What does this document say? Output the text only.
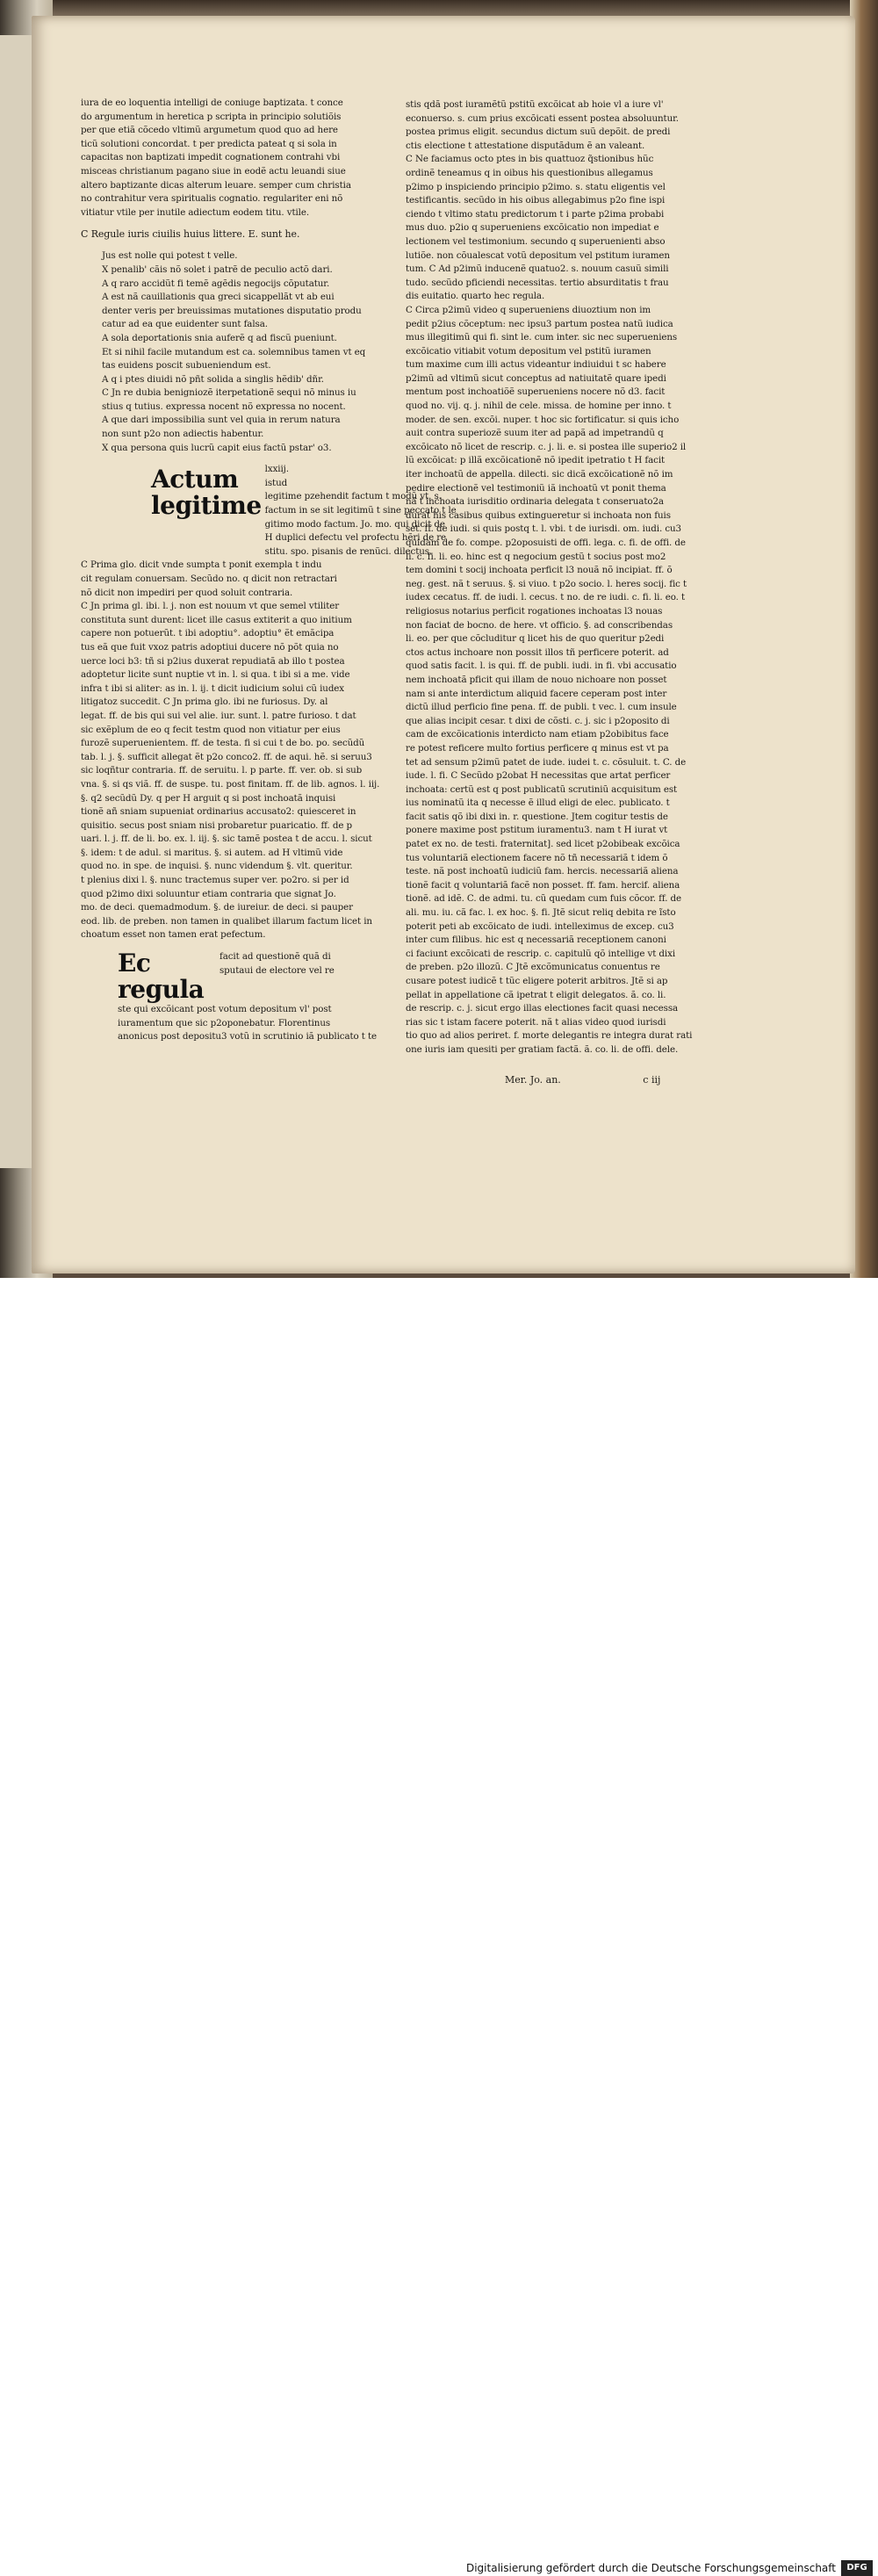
iura de eo loquentia intelligi de coniuge baptizata. t conce
do argumentum in heretica p scripta in principio solutiõis
per que etiã cõcedo vltimũ argumetum quod quo ad here
ticũ solutioni concordat. t per predicta pateat q si sola in
capacitas non baptizati impedit cognationem contrahi vbi
misceas christianum pagano siue in eodẽ actu leuandi siue
altero baptizante dicas alterum leuare. semper cum christia
no contrahitur vera spiritualis cognatio. regulariter eni nõ
vitiatur vtile per inutile adiectum eodem titu. vtile.
C Regule iuris ciuilis huius littere. E. sunt he.
Jus est nolle qui potest t velle.
X penalib' cãis nõ solet i patrẽ de peculio actõ dari.
A q raro accidũt fi temẽ agẽdis negocijs cõputatur.
A est nã cauillationis qua greci sicappellãt vt ab eui
denter veris per breuissimas mutationes disputatio produ
catur ad ea que euidenter sunt falsa.
A sola deportationis snia auferẽ q ad fiscũ pueniunt.
Et si nihil facile mutandum est ca. solemnibus tamen vt eq
tas euidens poscit subueniendum est.
A q i ptes diuidi nõ pñt solida a singlis hẽdib' dñr.
C Jn re dubia benigniozẽ iterpetationẽ sequi nõ minus iu
stius q tutius. expressa nocent nõ expressa no nocent.
A que dari impossibilia sunt vel quia in rerum natura
non sunt p2o non adiectis habentur.
X qua persona quis lucrũ capit eius factũ pstar' o3.
Actum legitime
lxxiij.
istud
legitime pzehendit factum t modũ vt. s.
factum in se sit legitimũ t sine peccato t le
gitimo modo factum. Jo. mo. qui dicit de
H duplici defectu vel profectu hẽri de re
stitu. spo. pisanis de renũci. dilectus.
C Prima glo. dicit vnde sumpta t ponit exempla t indu
cit regulam conuersam. Secũdo no. q dicit non retractari
nõ dicit non impediri per quod soluit contraria.
C Jn prima gl. ibi. l. j. non est nouum vt que semel vtiliter
constituta sunt durent: licet ille casus extiterit a quo initium
capere non potuerũt. t ibi adoptiu°. adoptiu° ẽt emãcipa
tus eã que fuit vxoz patris adoptiui ducere nõ põt quia no
uerce loci b3: tñ si p2ius duxerat repudiatã ab illo t postea
adoptetur licite sunt nuptie vt in. l. si qua. t ibi si a me. vide
infra t ibi si aliter: as in. l. ij. t dicit iudicium solui cũ iudex
litigatoz succedit. C Jn prima glo. ibi ne furiosus. Dy. al
legat. ff. de bis qui sui vel alie. iur. sunt. l. patre furioso. t dat
sic exẽplum de eo q fecit testm quod non vitiatur per eius
furozẽ superuenientem. ff. de testa. fi si cui t de bo. po. secũdũ
tab. l. j. §. sufficit allegat ẽt p2o conco2. ff. de aqui. hẽ. si seruu3
sic loqñtur contraria. ff. de seruitu. l. p parte. ff. ver. ob. si sub
vna. §. si qs viã. ff. de suspe. tu. post finitam. ff. de lib. agnos. l. iij.
§. q2 secũdũ Dy. q per H arguit q si post inchoatã inquisi
tionẽ añ sniam supueniat ordinarius accusato2: quiesceret in
quisitio. secus post sniam nisi probaretur puaricatio. ff. de p
uari. l. j. ff. de li. bo. ex. l. iij. §. sic tamẽ postea t de accu. l. sicut
§. idem: t de adul. si maritus. §. si autem. ad H vltimũ vide
quod no. in spe. de inquisi. §. nunc videndum §. vlt. queritur.
t plenius dixi l. §. nunc tractemus super ver. po2ro. si per id
quod p2imo dixi soluuntur etiam contraria que signat Jo.
mo. de deci. quemadmodum. §. de iureiur. de deci. si pauper
eod. lib. de preben. non tamen in qualibet illarum factum licet in
choatum esset non tamen erat pefectum.
Ec regula
facit ad questionẽ quã di
sputaui de electore vel re
ste qui excõicant post votum depositum vl' post
iuramentum que sic p2oponebatur. Florentinus
anonicus post depositu3 votũ in scrutinio iã publicato t te
stis qdã post iuramẽtũ pstitũ excõicat ab hoie vl a iure vl'
econuerso. s. cum prius excõicati essent postea absoluuntur.
postea primus eligit. secundus dictum suũ depõit. de predi
ctis electione t attestatione disputãdum ẽ an valeant.
C Ne faciamus octo ptes in bis quattuoz q̃stionibus hũc
ordinẽ teneamus q in oibus his questionibus allegamus
p2imo p inspiciendo principio p2imo. s. statu eligentis vel
testificantis. secũdo in his oibus allegabimus p2o fine ispi
ciendo t vltimo statu predictorum t i parte p2ima probabi
mus duo. p2io q superueniens excõicatio non impediat e
lectionem vel testimonium. secundo q superuenienti abso
lutiõe. non cõualescat votũ depositum vel pstitum iuramen
tum. C Ad p2imũ inducenẽ quatuo2. s. nouum casuũ simili
tudo. secũdo pficiendi necessitas. tertio absurditatis t frau
dis euitatio. quarto hec regula.
C Circa p2imũ video q superueniens diuoztium non im
pedit p2ius cõceptum: nec ipsu3 partum postea natũ iudica
mus illegitimũ qui fi. sint le. cum inter. sic nec superueniens
excõicatio vitiabit votum depositum vel pstitũ iuramen
tum maxime cum illi actus videantur indiuidui t sc habere
p2imũ ad vltimũ sicut conceptus ad natiuitatẽ quare ipedi
mentum post inchoatiõẽ superueniens nocere nõ d3. facit
quod no. vij. q. j. nihil de cele. missa. de homine per inno. t
moder. de sen. excõi. nuper. t hoc sic fortificatur. si quis icho
auit contra superiozẽ suum iter ad papã ad impetrandũ q
excõicato nõ licet de rescrip. c. j. li. e. si postea ille superio2 il
lũ excõicat: p illã excõicationẽ nõ ipedit ipetratio t H facit
iter inchoatũ de appella. dilecti. sic dicã excõicationẽ nõ im
pedire electionẽ vel testimoniũ iã inchoatũ vt ponit thema
nã t inchoata iurisditio ordinaria delegata t conseruato2a
durat his casibus quibus extingueretur si inchoata non fuis
set. ff. de iudi. si quis postq t. l. vbi. t de iurisdi. om. iudi. cu3
quidam de fo. compe. p2oposuisti de offi. lega. c. fi. de offi. de
li. c. fi. li. eo. hinc est q negocium gestũ t socius post mo2
tem domini t socij inchoata perficit l3 nouã nõ incipiat. ff. õ
neg. gest. nã t seruus. §. si viuo. t p2o socio. l. heres socij. fic t
iudex cecatus. ff. de iudi. l. cecus. t no. de re iudi. c. fi. li. eo. t
religiosus notarius perficit rogationes inchoatas l3 nouas
non faciat de bocno. de here. vt officio. §. ad conscribendas
li. eo. per que cõcluditur q licet his de quo queritur p2edi
ctos actus inchoare non possit illos tñ perficere poterit. ad
quod satis facit. l. is qui. ff. de publi. iudi. in fi. vbi accusatio
nem inchoatã pficit qui illam de nouo nichoare non posset
nam si ante interdictum aliquid facere ceperam post inter
dictũ illud perficio fine pena. ff. de publi. t vec. l. cum insule
que alias incipit cesar. t dixi de cõsti. c. j. sic i p2oposito di
cam de excõicationis interdicto nam etiam p2obibitus face
re potest reficere multo fortius perficere q minus est vt pa
tet ad sensum p2imũ patet de iude. iudei t. c. cõsuluit. t. C. de
iude. l. fi. C Secũdo p2obat H necessitas que artat perficer
inchoata: certũ est q post publicatũ scrutiniũ acquisitum est
ius nominatũ ita q necesse ẽ illud eligi de elec. publicato. t
facit satis qõ ibi dixi in. r. questione. Jtem cogitur testis de
ponere maxime post pstitum iuramentu3. nam t H iurat vt
patet ex no. de testi. fraternitat]. sed licet p2obibeak excõica
tus voluntariã electionem facere nõ tñ necessariã t idem õ
teste. nã post inchoatũ iudiciũ fam. hercis. necessariã aliena
tionẽ facit q voluntariã facẽ non posset. ff. fam. hercif. aliena
tionẽ. ad idẽ. C. de admi. tu. cũ quedam cum fuis cõcor. ff. de
ali. mu. iu. cã fac. l. ex hoc. §. fi. Jtẽ sicut reliq debita re ĩsto
poterit peti ab excõicato de iudi. intelleximus de excep. cu3
inter cum filibus. hic est q necessariã receptionem canoni
ci faciunt excõicati de rescrip. c. capitulũ qõ intellige vt dixi
de preben. p2o illozũ. C Jtẽ excõmunicatus conuentus re
cusare potest iudicẽ t tũc eligere poterit arbitros. Jtẽ si ap
pellat in appellatione cã ipetrat t eligit delegatos. ã. co. li.
de rescrip. c. j. sicut ergo illas electiones facit quasi necessa
rias sic t istam facere poterit. nã t alias video quod iurisdi
tio quo ad alios periret. f. morte delegantis re integra durat rati
one iuris iam quesiti per gratiam factã. ã. co. li. de offi. dele.
Mer. Jo. an.	c iij
Digitalisierung gefördert durch die Deutsche Forschungsgemeinschaft	DFG
